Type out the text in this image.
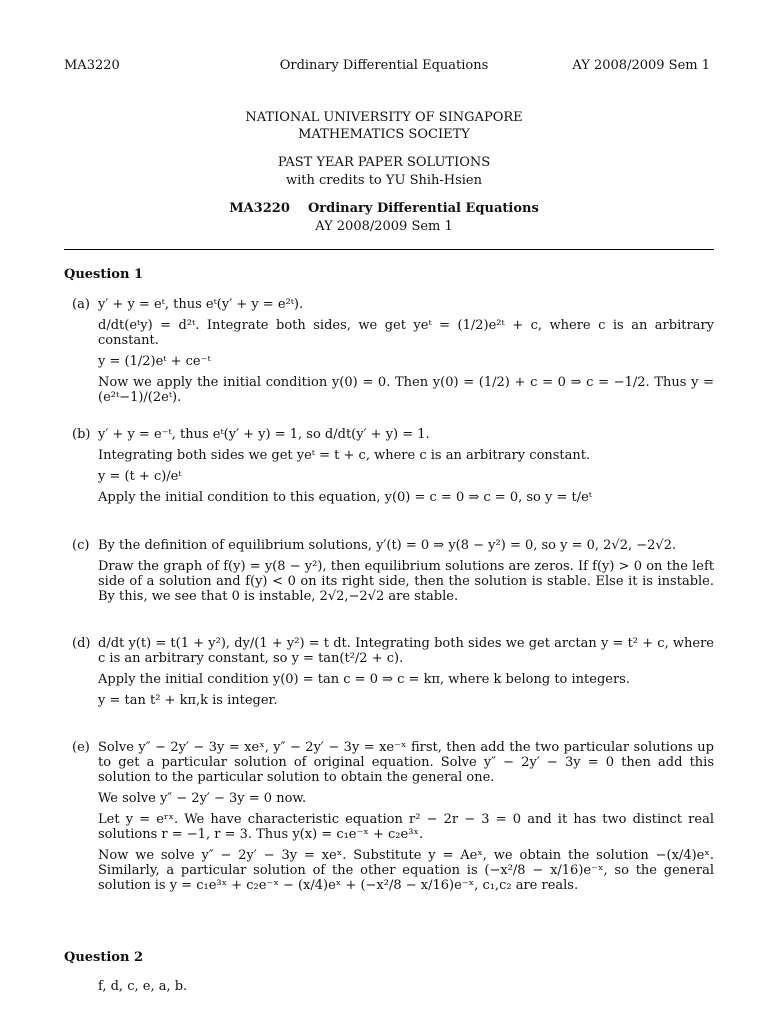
MA3220	Ordinary Differential Equations	AY 2008/2009 Sem 1
NATIONAL UNIVERSITY OF SINGAPORE
MATHEMATICS SOCIETY
PAST YEAR PAPER SOLUTIONS
with credits to YU Shih-Hsien
MA3220    Ordinary Differential Equations
AY 2008/2009 Sem 1
Question 1
(a) y′ + y = eᵗ, thus eᵗ(y′ + y = e²ᵗ).

d/dt(eᵗy) = d²ᵗ. Integrate both sides, we get yeᵗ = (1/2)e²ᵗ + c, where c is an arbitrary constant.

y = (1/2)eᵗ + ce⁻ᵗ

Now we apply the initial condition y(0) = 0. Then y(0) = (1/2) + c = 0 ⇒ c = −1/2. Thus y = (e²ᵗ−1)/(2eᵗ).

(b) y′ + y = e⁻ᵗ, thus eᵗ(y′ + y) = 1, so d/dt(y′ + y) = 1.

Integrating both sides we get yeᵗ = t + c, where c is an arbitrary constant.

y = (t + c)/eᵗ

Apply the initial condition to this equation, y(0) = c = 0 ⇒ c = 0, so y = t/eᵗ

(c) By the definition of equilibrium solutions, y′(t) = 0 ⇒ y(8 − y²) = 0, so y = 0, 2√2, −2√2.

Draw the graph of f(y) = y(8 − y²), then equilibrium solutions are zeros. If f(y) > 0 on the left side of a solution and f(y) < 0 on its right side, then the solution is stable. Else it is instable. By this, we see that 0 is instable, 2√2,−2√2 are stable.

(d) d/dt y(t) = t(1 + y²), dy/(1 + y²) = t dt. Integrating both sides we get arctan y = t² + c, where c is an arbitrary constant, so y = tan(t²/2 + c).

Apply the initial condition y(0) = tan c = 0 ⇒ c = kπ, where k belong to integers.

y = tan t² + kπ,k is integer.

(e) Solve y″ − 2y′ − 3y = xeˣ, y″ − 2y′ − 3y = xe⁻ˣ first, then add the two particular solutions up to get a particular solution of original equation. Solve y″ − 2y′ − 3y = 0 then add this solution to the particular solution to obtain the general one.

We solve y″ − 2y′ − 3y = 0 now.

Let y = eʳˣ. We have characteristic equation r² − 2r − 3 = 0 and it has two distinct real solutions r = −1, r = 3. Thus y(x) = c₁e⁻ˣ + c₂e³ˣ.

Now we solve y″ − 2y′ − 3y = xeˣ. Substitute y = Aeˣ, we obtain the solution −(x/4)eˣ. Similarly, a particular solution of the other equation is (−x²/8 − x/16)e⁻ˣ, so the general solution is y = c₁e³ˣ + c₂e⁻ˣ − (x/4)eˣ + (−x²/8 − x/16)e⁻ˣ, c₁,c₂ are reals.

Question 2
f, d, c, e, a, b.
